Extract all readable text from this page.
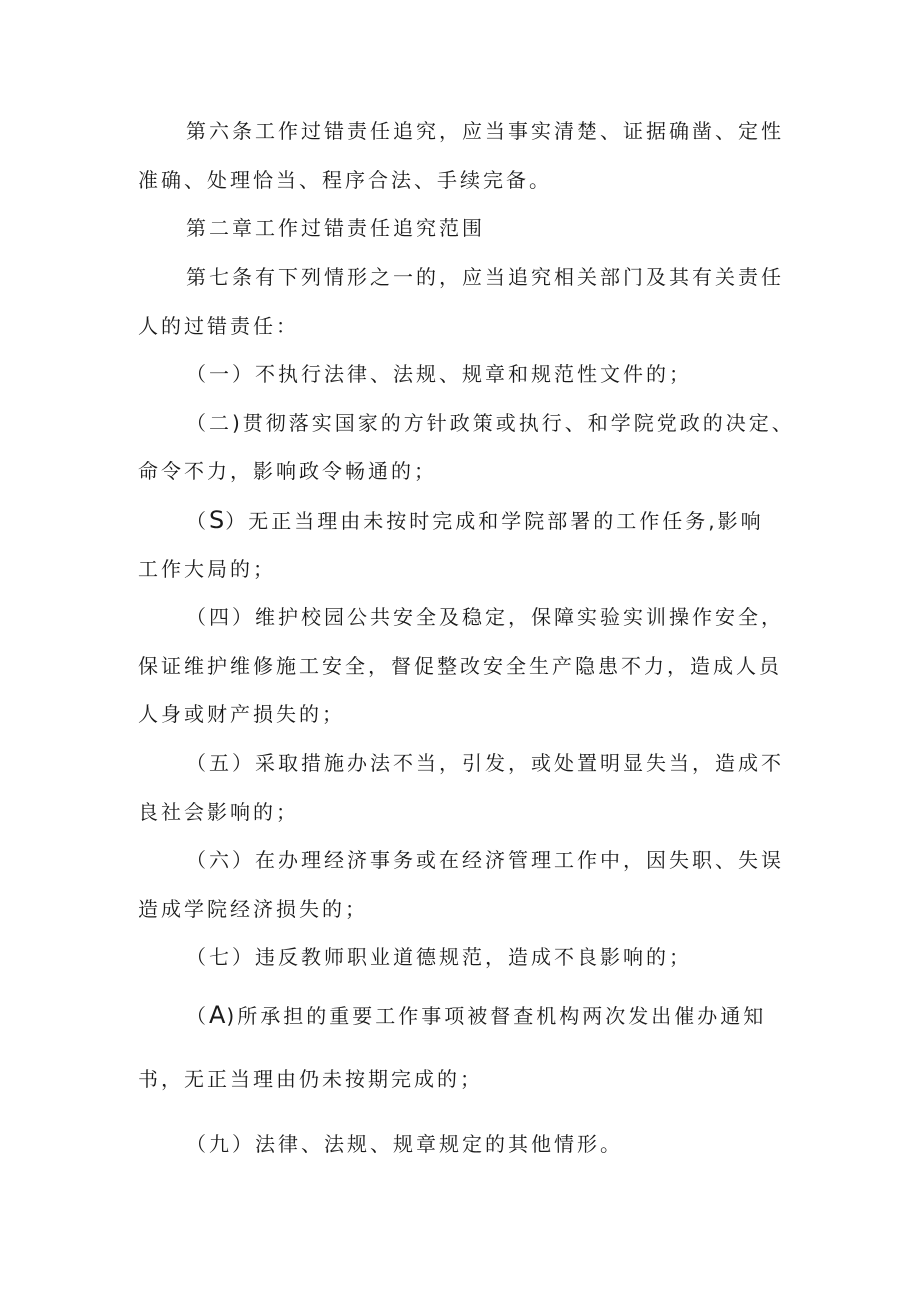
第六条工作过错责任追究，应当事实清楚、证据确凿、定性
准确、处理恰当、程序合法、手续完备。
第二章工作过错责任追究范围
第七条有下列情形之一的，应当追究相关部门及其有关责任
人的过错责任：
（一）不执行法律、法规、规章和规范性文件的；
（二)贯彻落实国家的方针政策或执行、和学院党政的决定、
命令不力，影响政令畅通的；
（S）无正当理由未按时完成和学院部署的工作任务,影响
工作大局的；
（四）维护校园公共安全及稳定，保障实验实训操作安全，
保证维护维修施工安全，督促整改安全生产隐患不力，造成人员
人身或财产损失的；
（五）采取措施办法不当，引发，或处置明显失当，造成不
良社会影响的；
（六）在办理经济事务或在经济管理工作中，因失职、失误
造成学院经济损失的；
（七）违反教师职业道德规范，造成不良影响的；
（A)所承担的重要工作事项被督查机构两次发出催办通知
书，无正当理由仍未按期完成的；
（九）法律、法规、规章规定的其他情形。
